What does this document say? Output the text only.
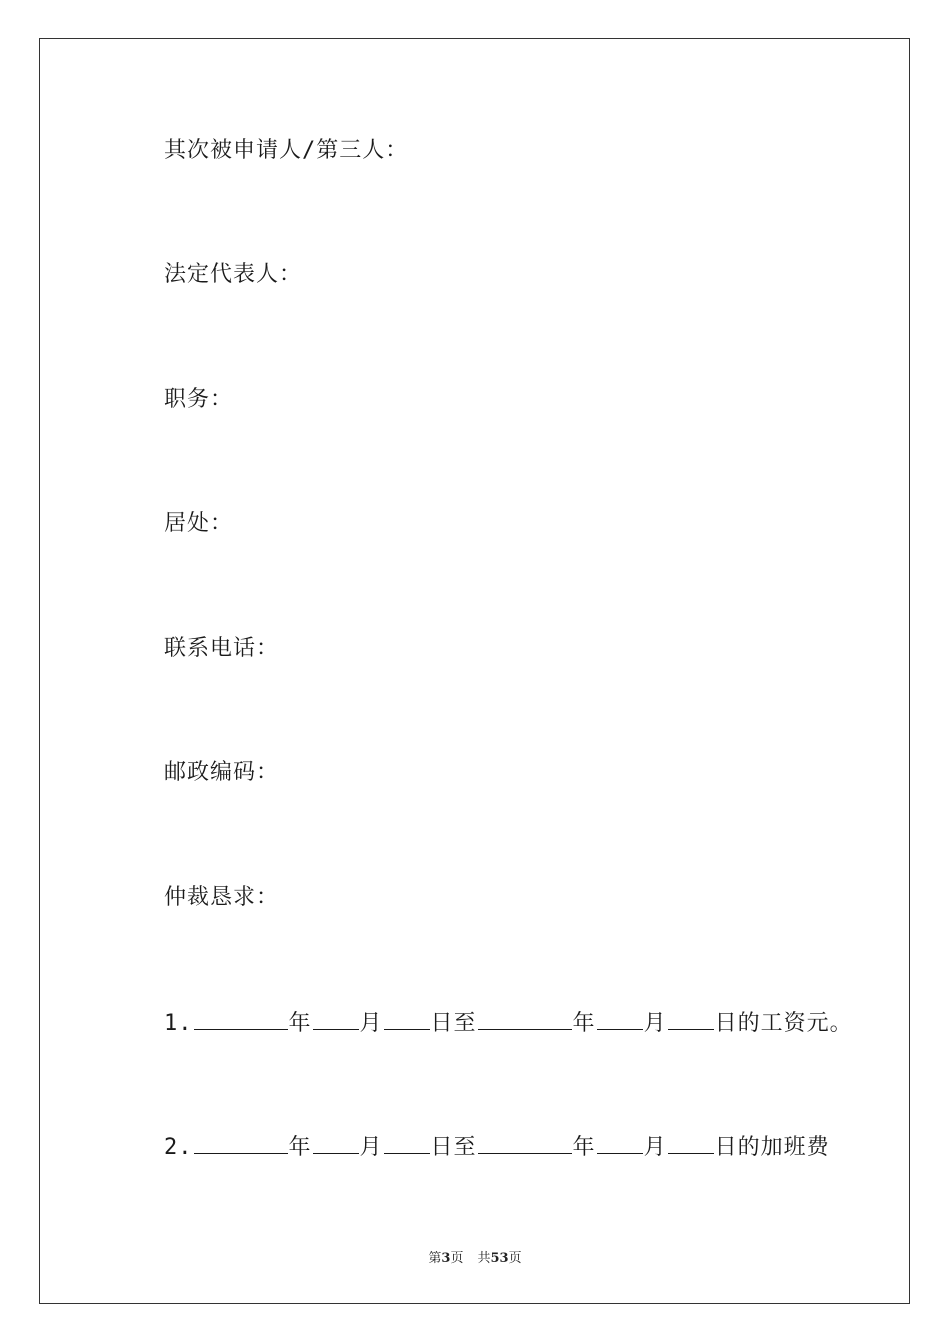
其次被申请人/第三人：
法定代表人：
职务：
居处：
联系电话：
邮政编码：
仲裁恳求：
1.	年 月 日至	年 月 日的工资元。
2.	年 月 日至	年 月 日的加班费
第3页 共53页
